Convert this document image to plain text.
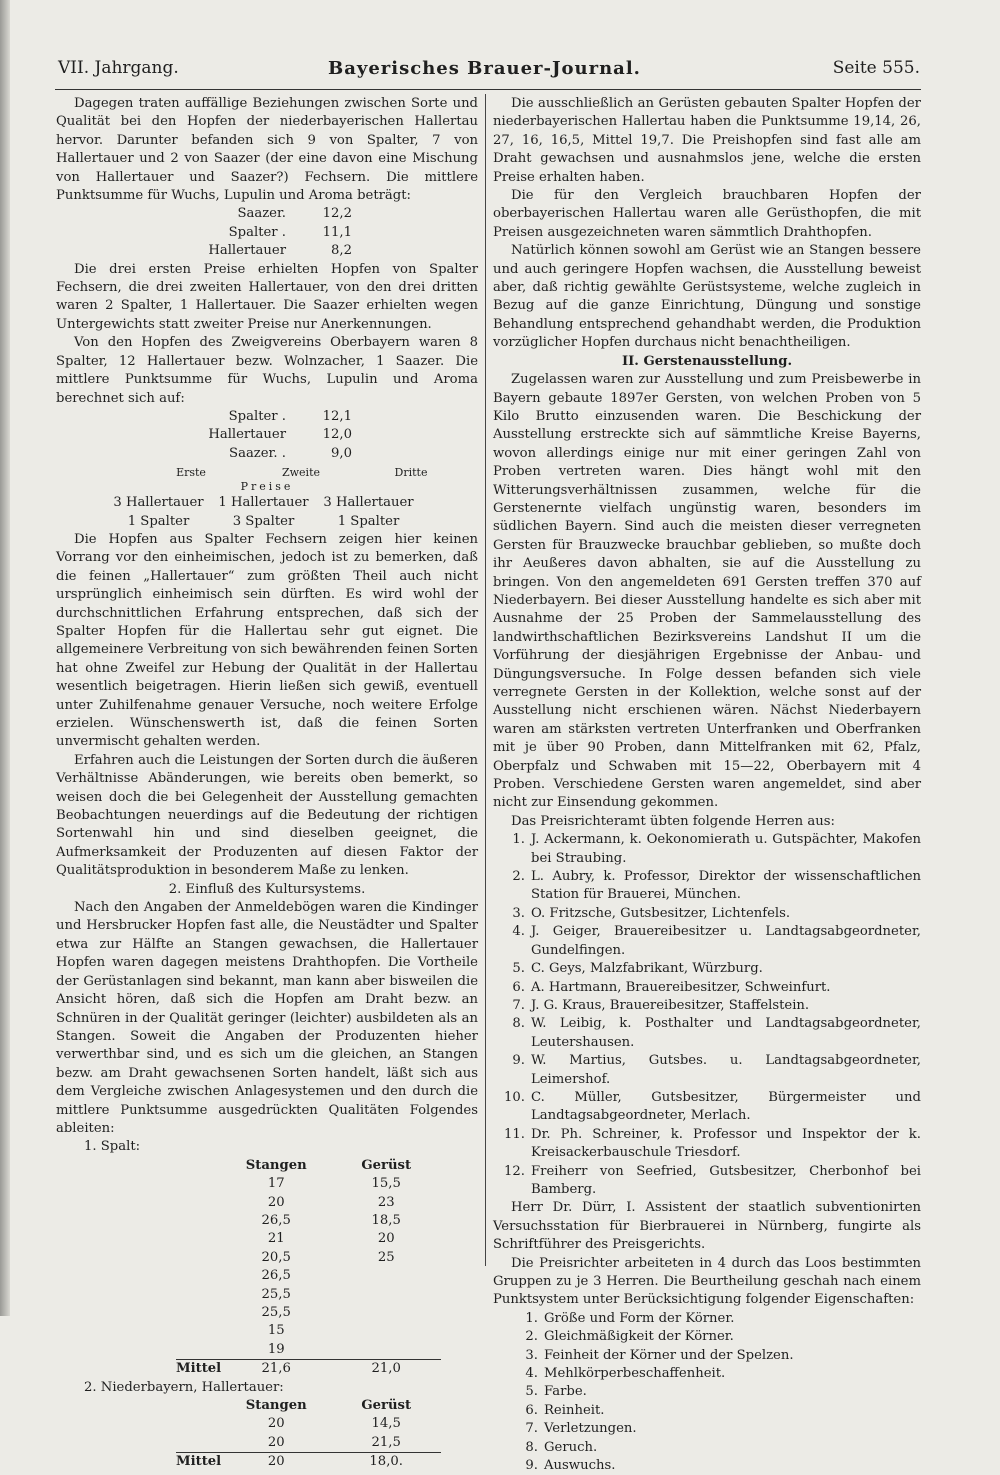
VII. Jahrgang.	Bayerisches Brauer-Journal.	Seite 555.

Dagegen traten auffällige Beziehungen zwischen Sorte und Qualität bei den Hopfen der niederbayerischen Hallertau hervor. Darunter befanden sich 9 von Spalter, 7 von Hallertauer und 2 von Saazer (der eine davon eine Mischung von Hallertauer und Saazer?) Fechsern. Die mittlere Punktsumme für Wuchs, Lupulin und Aroma beträgt:

Saazer.	12,2
Spalter .	11,1
Hallertauer	8,2

Die drei ersten Preise erhielten Hopfen von Spalter Fechsern, die drei zweiten Hallertauer, von den drei dritten waren 2 Spalter, 1 Hallertauer. Die Saazer erhielten wegen Untergewichts statt zweiter Preise nur Anerkennungen.

Von den Hopfen des Zweigvereins Oberbayern waren 8 Spalter, 12 Hallertauer bezw. Wolnzacher, 1 Saazer. Die mittlere Punktsumme für Wuchs, Lupulin und Aroma berechnet sich auf:

Spalter .	12,1
Hallertauer	12,0
Saazer. .	9,0
Erste	Zweite	Dritte

Preise

3 Hallertauer	1 Hallertauer	3 Hallertauer
1 Spalter	3 Spalter	1 Spalter

Die Hopfen aus Spalter Fechsern zeigen hier keinen Vorrang vor den einheimischen, jedoch ist zu bemerken, daß die feinen „Hallertauer“ zum größten Theil auch nicht ursprünglich einheimisch sein dürften. Es wird wohl der durchschnittlichen Erfahrung entsprechen, daß sich der Spalter Hopfen für die Hallertau sehr gut eignet. Die allgemeinere Verbreitung von sich bewährenden feinen Sorten hat ohne Zweifel zur Hebung der Qualität in der Hallertau wesentlich beigetragen. Hierin ließen sich gewiß, eventuell unter Zuhilfenahme genauer Versuche, noch weitere Erfolge erzielen. Wünschenswerth ist, daß die feinen Sorten unvermischt gehalten werden.

Erfahren auch die Leistungen der Sorten durch die äußeren Verhältnisse Abänderungen, wie bereits oben bemerkt, so weisen doch die bei Gelegenheit der Ausstellung gemachten Beobachtungen neuerdings auf die Bedeutung der richtigen Sortenwahl hin und sind dieselben geeignet, die Aufmerksamkeit der Produzenten auf diesen Faktor der Qualitätsproduktion in besonderem Maße zu lenken.

2. Einfluß des Kultursystems.

Nach den Angaben der Anmeldebögen waren die Kindinger und Hersbrucker Hopfen fast alle, die Neustädter und Spalter etwa zur Hälfte an Stangen gewachsen, die Hallertauer Hopfen waren dagegen meistens Drahthopfen. Die Vortheile der Gerüstanlagen sind bekannt, man kann aber bisweilen die Ansicht hören, daß sich die Hopfen am Draht bezw. an Schnüren in der Qualität geringer (leichter) ausbildeten als an Stangen. Soweit die Angaben der Produzenten hieher verwerthbar sind, und es sich um die gleichen, an Stangen bezw. am Draht gewachsenen Sorten handelt, läßt sich aus dem Vergleiche zwischen Anlagesystemen und den durch die mittlere Punktsumme ausgedrückten Qualitäten Folgendes ableiten:

1. Spalt:

	Stangen	Gerüst
	17	15,5
	20	23
	26,5	18,5
	21	20
	20,5	25
	26,5	
	25,5	
	25,5	
	15	
	19	
Mittel	21,6	21,0

2. Niederbayern, Hallertauer:

	Stangen	Gerüst
	20	14,5
	20	21,5
Mittel	20	18,0.

Die ausschließlich an Gerüsten gebauten Spalter Hopfen der niederbayerischen Hallertau haben die Punktsumme 19,14, 26, 27, 16, 16,5, Mittel 19,7. Die Preishopfen sind fast alle am Draht gewachsen und ausnahmslos jene, welche die ersten Preise erhalten haben.

Die für den Vergleich brauchbaren Hopfen der oberbayerischen Hallertau waren alle Gerüsthopfen, die mit Preisen ausgezeichneten waren sämmtlich Drahthopfen.

Natürlich können sowohl am Gerüst wie an Stangen bessere und auch geringere Hopfen wachsen, die Ausstellung beweist aber, daß richtig gewählte Gerüstsysteme, welche zugleich in Bezug auf die ganze Einrichtung, Düngung und sonstige Behandlung entsprechend gehandhabt werden, die Produktion vorzüglicher Hopfen durchaus nicht benachtheiligen.

II. Gerstenausstellung.

Zugelassen waren zur Ausstellung und zum Preisbewerbe in Bayern gebaute 1897er Gersten, von welchen Proben von 5 Kilo Brutto einzusenden waren. Die Beschickung der Ausstellung erstreckte sich auf sämmtliche Kreise Bayerns, wovon allerdings einige nur mit einer geringen Zahl von Proben vertreten waren. Dies hängt wohl mit den Witterungsverhältnissen zusammen, welche für die Gerstenernte vielfach ungünstig waren, besonders im südlichen Bayern. Sind auch die meisten dieser verregneten Gersten für Brauzwecke brauchbar geblieben, so mußte doch ihr Aeußeres davon abhalten, sie auf die Ausstellung zu bringen. Von den angemeldeten 691 Gersten treffen 370 auf Niederbayern. Bei dieser Ausstellung handelte es sich aber mit Ausnahme der 25 Proben der Sammelausstellung des landwirthschaftlichen Bezirksvereins Landshut II um die Vorführung der diesjährigen Ergebnisse der Anbau- und Düngungsversuche. In Folge dessen befanden sich viele verregnete Gersten in der Kollektion, welche sonst auf der Ausstellung nicht erschienen wären. Nächst Niederbayern waren am stärksten vertreten Unterfranken und Oberfranken mit je über 90 Proben, dann Mittelfranken mit 62, Pfalz, Oberpfalz und Schwaben mit 15—22, Oberbayern mit 4 Proben. Verschiedene Gersten waren angemeldet, sind aber nicht zur Einsendung gekommen.

Das Preisrichteramt übten folgende Herren aus:

1. J. Ackermann, k. Oekonomierath u. Gutspächter, Makofen bei Straubing.
2. L. Aubry, k. Professor, Direktor der wissenschaftlichen Station für Brauerei, München.
3. O. Fritzsche, Gutsbesitzer, Lichtenfels.
4. J. Geiger, Brauereibesitzer u. Landtagsabgeordneter, Gundelfingen.
5. C. Geys, Malzfabrikant, Würzburg.
6. A. Hartmann, Brauereibesitzer, Schweinfurt.
7. J. G. Kraus, Brauereibesitzer, Staffelstein.
8. W. Leibig, k. Posthalter und Landtagsabgeordneter, Leutershausen.
9. W. Martius, Gutsbes. u. Landtagsabgeordneter, Leimershof.
10. C. Müller, Gutsbesitzer, Bürgermeister und Landtagsabgeordneter, Merlach.
11. Dr. Ph. Schreiner, k. Professor und Inspektor der k. Kreisackerbauschule Triesdorf.
12. Freiherr von Seefried, Gutsbesitzer, Cherbonhof bei Bamberg.

Herr Dr. Dürr, I. Assistent der staatlich subventionirten Versuchsstation für Bierbrauerei in Nürnberg, fungirte als Schriftführer des Preisgerichts.

Die Preisrichter arbeiteten in 4 durch das Loos bestimmten Gruppen zu je 3 Herren. Die Beurtheilung geschah nach einem Punktsystem unter Berücksichtigung folgender Eigenschaften:

1. Größe und Form der Körner.
2. Gleichmäßigkeit der Körner.
3. Feinheit der Körner und der Spelzen.
4. Mehlkörperbeschaffenheit.
5. Farbe.
6. Reinheit.
7. Verletzungen.
8. Geruch.
9. Auswuchs.
